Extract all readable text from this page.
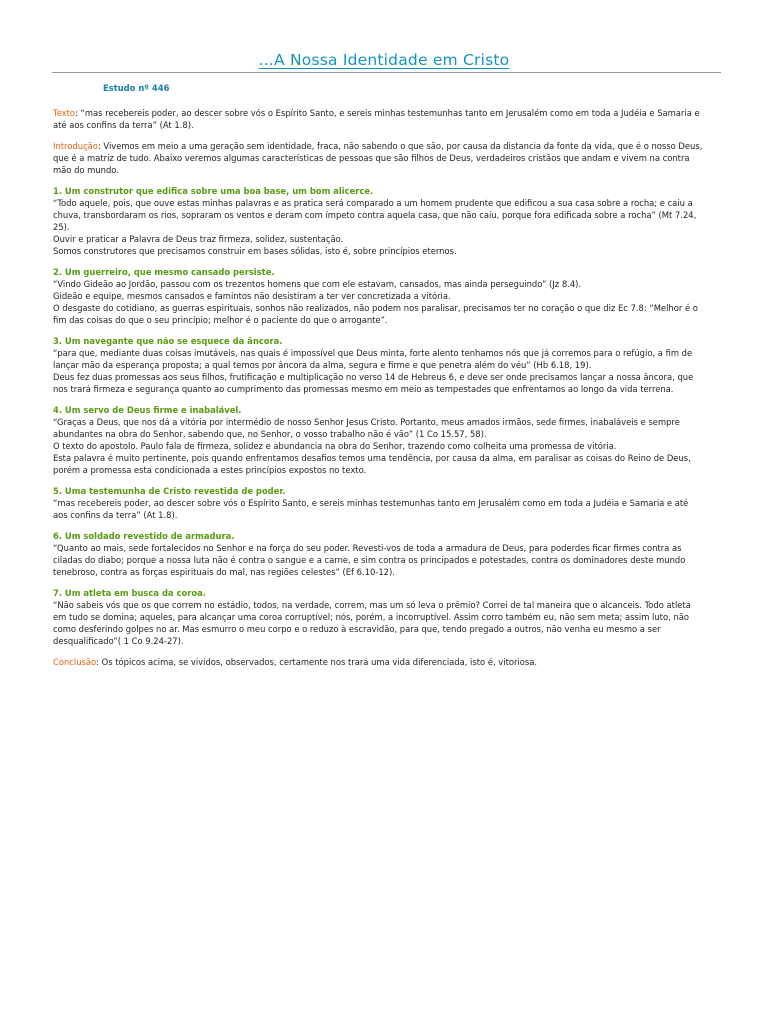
...A Nossa Identidade em Cristo
Estudo nº 446

Texto: “mas recebereis poder, ao descer sobre vós o Espírito Santo, e sereis minhas testemunhas tanto em Jerusalém como em toda a Judéia e Samaria e até aos confins da terra” (At 1.8).

Introdução: Vivemos em meio a uma geração sem identidade, fraca, não sabendo o que são, por causa da distancia da fonte da vida, que é o nosso Deus, que é a matriz de tudo. Abaixo veremos algumas características de pessoas que são filhos de Deus, verdadeiros cristãos que andam e vivem na contra mão do mundo.

1. Um construtor que edifica sobre uma boa base, um bom alicerce.
“Todo aquele, pois, que ouve estas minhas palavras e as pratica será comparado a um homem prudente que edificou a sua casa sobre a rocha; e caiu a chuva, transbordaram os rios, sopraram os ventos e deram com ímpeto contra aquela casa, que não caiu, porque fora edificada sobre a rocha” (Mt 7.24, 25).
Ouvir e praticar a Palavra de Deus traz firmeza, solidez, sustentação.
Somos construtores que precisamos construir em bases sólidas, isto é, sobre princípios eternos.
2. Um guerreiro, que mesmo cansado persiste.
“Vindo Gideão ao Jordão, passou com os trezentos homens que com ele estavam, cansados, mas ainda perseguindo” (Jz 8.4).
Gideão e equipe, mesmos cansados e famintos não desistiram a ter ver concretizada a vitória.
O desgaste do cotidiano, as guerras espirituais, sonhos não realizados, não podem nos paralisar, precisamos ter no coração o que diz Ec 7.8: “Melhor é o fim das coisas do que o seu princípio; melhor é o paciente do que o arrogante”.
3. Um navegante que não se esquece da âncora.
“para que, mediante duas coisas imutáveis, nas quais é impossível que Deus minta, forte alento tenhamos nós que já corremos para o refúgio, a fim de lançar mão da esperança proposta; a qual temos por âncora da alma, segura e firme e que penetra além do véu” (Hb 6.18, 19).
Deus fez duas promessas aos seus filhos, frutificação e multiplicação no verso 14 de Hebreus 6, e deve ser onde precisamos lançar a nossa âncora, que nos trará firmeza e segurança quanto ao cumprimento das promessas mesmo em meio as tempestades que enfrentamos ao longo da vida terrena.
4. Um servo de Deus firme e inabalável.
“Graças a Deus, que nos dá a vitória por intermédio de nosso Senhor Jesus Cristo. Portanto, meus amados irmãos, sede firmes, inabaláveis e sempre abundantes na obra do Senhor, sabendo que, no Senhor, o vosso trabalho não é vão” (1 Co 15.57, 58).
O texto do apostolo. Paulo fala de firmeza, solidez e abundancia na obra do Senhor, trazendo como colheita uma promessa de vitória.
Esta palavra é muito pertinente, pois quando enfrentamos desafios temos uma tendência, por causa da alma, em paralisar as coisas do Reino de Deus, porém a promessa esta condicionada a estes princípios expostos no texto.
5. Uma testemunha de Cristo revestida de poder.
“mas recebereis poder, ao descer sobre vós o Espírito Santo, e sereis minhas testemunhas tanto em Jerusalém como em toda a Judéia e Samaria e até aos confins da terra” (At 1.8).
6. Um soldado revestido de armadura.
“Quanto ao mais, sede fortalecidos no Senhor e na força do seu poder. Revesti-vos de toda a armadura de Deus, para poderdes ficar firmes contra as ciladas do diabo; porque a nossa luta não é contra o sangue e a carne, e sim contra os principados e potestades, contra os dominadores deste mundo tenebroso, contra as forças espirituais do mal, nas regiões celestes” (Ef 6.10-12).
7. Um atleta em busca da coroa.
“Não sabeis vós que os que correm no estádio, todos, na verdade, correm, mas um só leva o prêmio? Correi de tal maneira que o alcanceis. Todo atleta em tudo se domina; aqueles, para alcançar uma coroa corruptível; nós, porém, a incorruptível. Assim corro também eu, não sem meta; assim luto, não como desferindo golpes no ar. Mas esmurro o meu corpo e o reduzo à escravidão, para que, tendo pregado a outros, não venha eu mesmo a ser desqualificado”( 1 Co 9.24-27).

Conclusão: Os tópicos acima, se vividos, observados, certamente nos trará uma vida diferenciada, isto é, vitoriosa.
